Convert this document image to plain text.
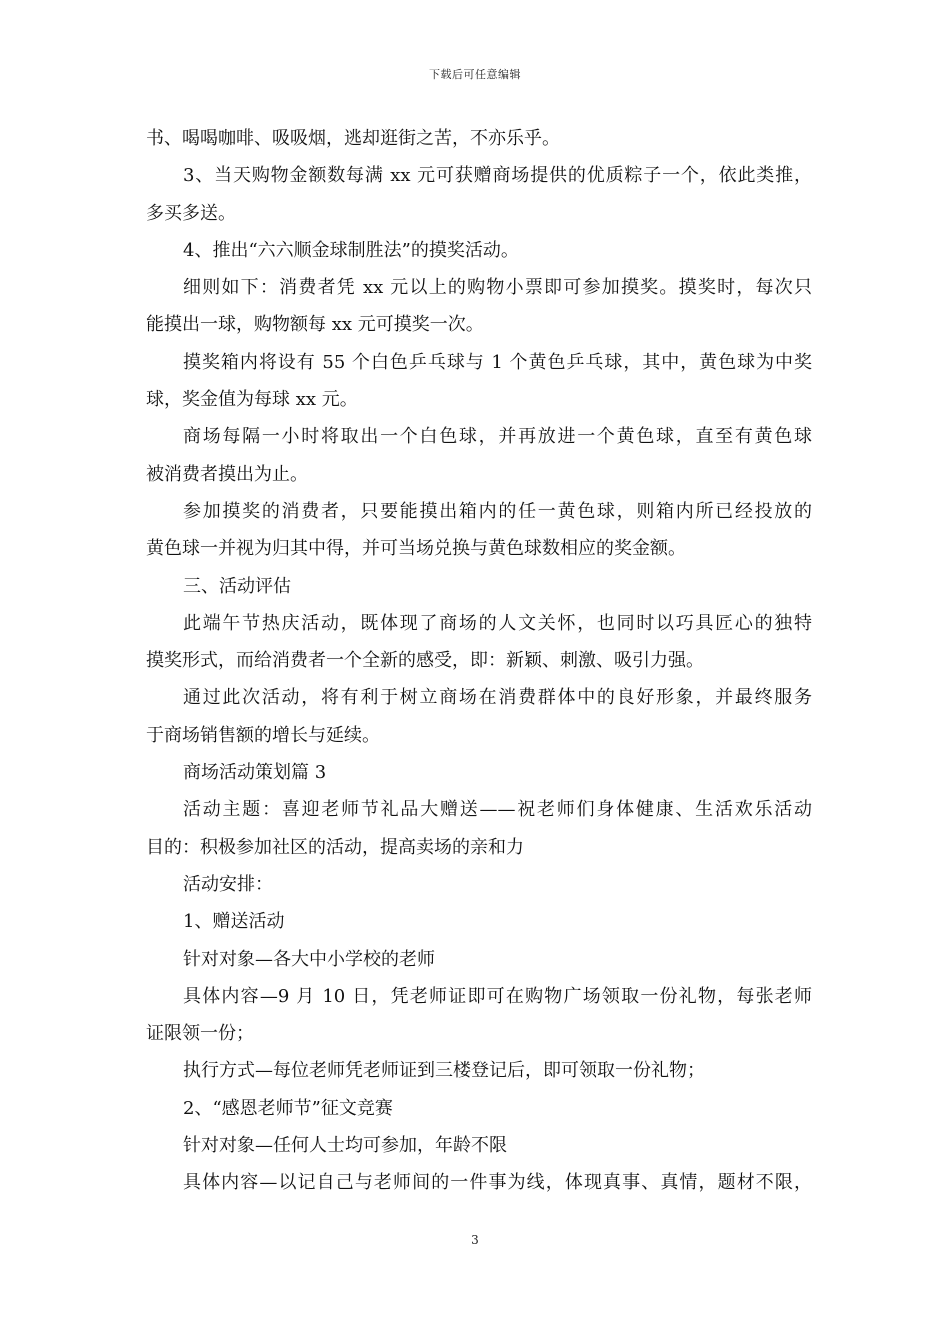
下载后可任意编辑
书、喝喝咖啡、吸吸烟，逃却逛街之苦，不亦乐乎。
3、当天购物金额数每满 xx 元可获赠商场提供的优质粽子一个，依此类推，
多买多送。
4、推出“六六顺金球制胜法”的摸奖活动。
细则如下：消费者凭 xx 元以上的购物小票即可参加摸奖。摸奖时，每次只
能摸出一球，购物额每 xx 元可摸奖一次。
摸奖箱内将设有 55 个白色乒乓球与 1 个黄色乒乓球，其中，黄色球为中奖
球，奖金值为每球 xx 元。
商场每隔一小时将取出一个白色球，并再放进一个黄色球，直至有黄色球
被消费者摸出为止。
参加摸奖的消费者，只要能摸出箱内的任一黄色球，则箱内所已经投放的
黄色球一并视为归其中得，并可当场兑换与黄色球数相应的奖金额。
三、活动评估
此端午节热庆活动，既体现了商场的人文关怀，也同时以巧具匠心的独特
摸奖形式，而给消费者一个全新的感受，即：新颖、刺激、吸引力强。
通过此次活动，将有利于树立商场在消费群体中的良好形象，并最终服务
于商场销售额的增长与延续。
商场活动策划篇 3
活动主题：喜迎老师节礼品大赠送——祝老师们身体健康、生活欢乐活动
目的：积极参加社区的活动，提高卖场的亲和力
活动安排：
1、赠送活动
针对对象—各大中小学校的老师
具体内容—9 月 10 日，凭老师证即可在购物广场领取一份礼物，每张老师
证限领一份；
执行方式—每位老师凭老师证到三楼登记后，即可领取一份礼物；
2、“感恩老师节”征文竞赛
针对对象—任何人士均可参加，年龄不限
具体内容—以记自己与老师间的一件事为线，体现真事、真情，题材不限，
3
